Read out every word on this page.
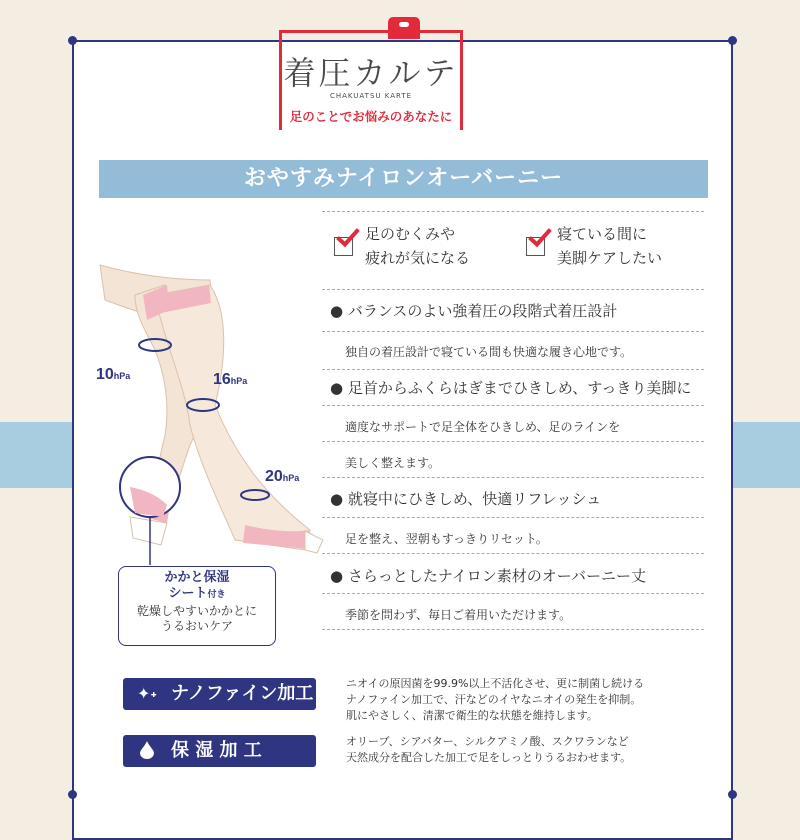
着圧カルテ
CHAKUATSU KARTE
足のことでお悩みのあなたに
おやすみナイロンオーバーニー
足のむくみや
疲れが気になる
寝ている間に
美脚ケアしたい
● バランスのよい強着圧の段階式着圧設計
独自の着圧設計で寝ている間も快適な履き心地です。
● 足首からふくらはぎまでひきしめ、すっきり美脚に
適度なサポートで足全体をひきしめ、足のラインを
美しく整えます。
● 就寝中にひきしめ、快適リフレッシュ
足を整え、翌朝もすっきりリセット。
● さらっとしたナイロン素材のオーバーニー丈
季節を問わず、毎日ご着用いただけます。
10hPa	16hPa
20hPa
かかと保湿
シート付き
乾燥しやすいかかとに
うるおいケア
✦˖ ナノファイン加工
保 湿 加 工
ニオイの原因菌を99.9%以上不活化させ、更に制菌し続ける
ナノファイン加工で、汗などのイヤなニオイの発生を抑制。
肌にやさしく、清潔で衛生的な状態を維持します。
オリーブ、シアバター、シルクアミノ酸、スクワランなど
天然成分を配合した加工で足をしっとりうるおわせます。
